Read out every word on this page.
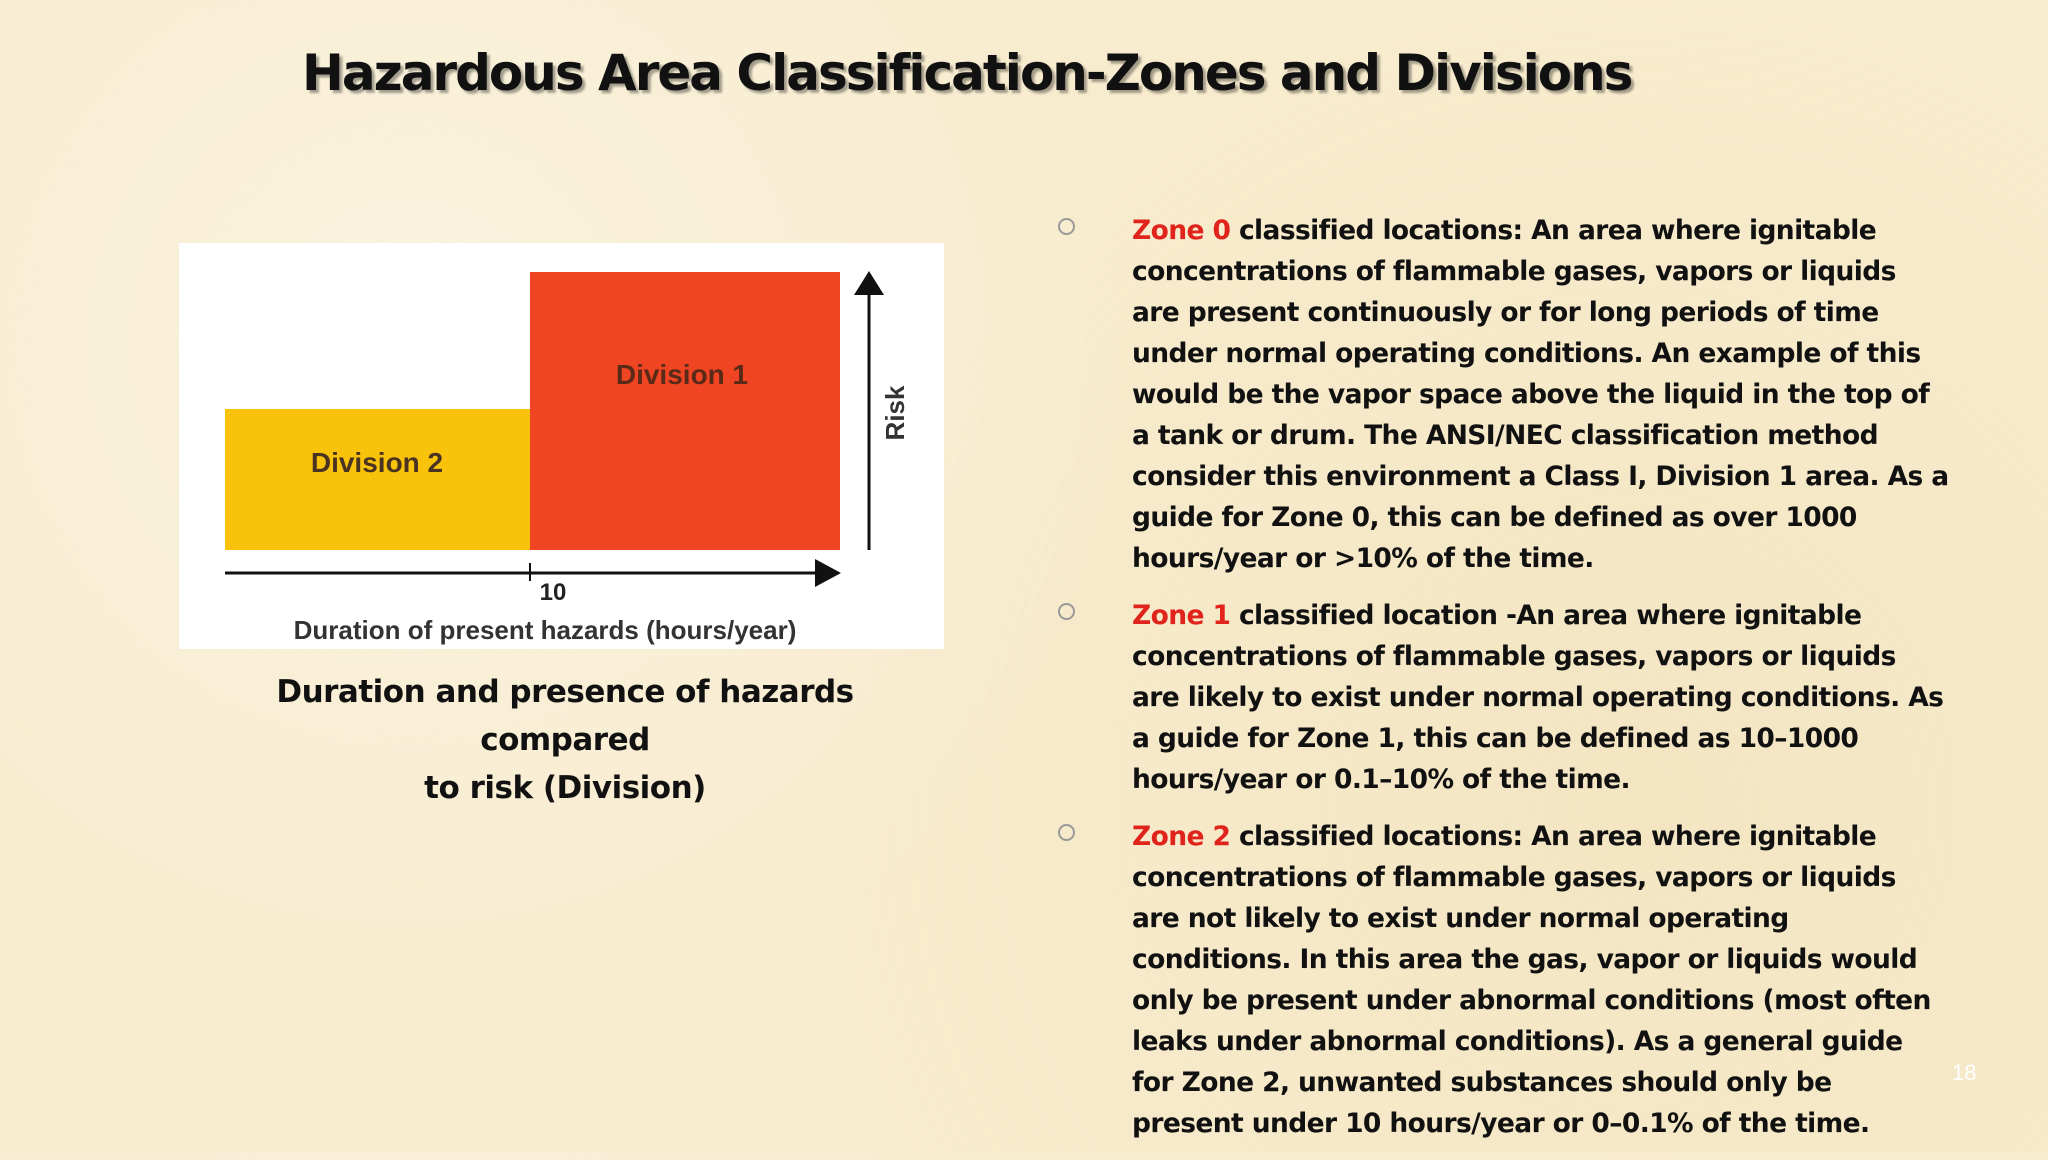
Hazardous Area Classification-Zones and Divisions
Division 2
Division 1
Risk
10
Duration of present hazards (hours/year)
Duration and presence of hazards compared
to risk (Division)
Zone 0 classified locations: An area where ignitable concentrations of flammable gases, vapors or liquids are present continuously or for long periods of time under normal operating conditions. An example of this would be the vapor space above the liquid in the top of a tank or drum. The ANSI/NEC classification method consider this environment a Class I, Division 1 area. As a guide for Zone 0, this can be defined as over 1000 hours/year or >10% of the time.
Zone 1 classified location -An area where ignitable concentrations of flammable gases, vapors or liquids are likely to exist under normal operating conditions. As a guide for Zone 1, this can be defined as 10–1000 hours/year or 0.1–10% of the time.
Zone 2 classified locations: An area where ignitable concentrations of flammable gases, vapors or liquids are not likely to exist under normal operating conditions. In this area the gas, vapor or liquids would only be present under abnormal conditions (most often leaks under abnormal conditions). As a general guide for Zone 2, unwanted substances should only be present under 10 hours/year or 0–0.1% of the time.
18
